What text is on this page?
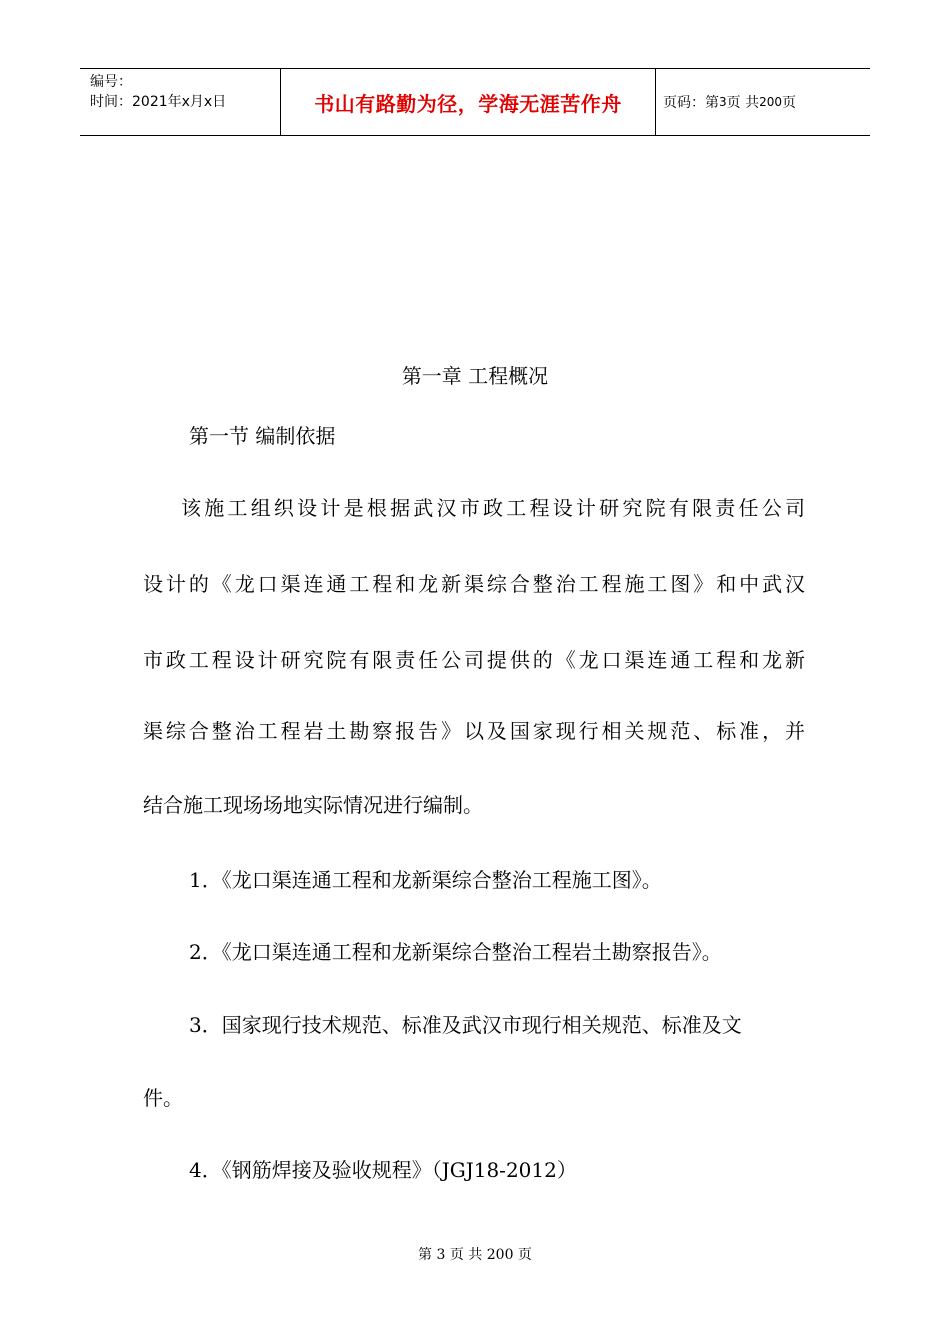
编号：
时间：2021年x月x日	书山有路勤为径，学海无涯苦作舟	页码：第 3 页 共 200 页
第一章 工程概况
第一节 编制依据
该施工组织设计是根据武汉市政工程设计研究院有限责任公司
设计的《龙口渠连通工程和龙新渠综合整治工程施工图》和中武汉
市政工程设计研究院有限责任公司提供的《龙口渠连通工程和龙新
渠综合整治工程岩土勘察报告》以及国家现行相关规范、标准，并
结合施工现场场地实际情况进行编制。
1．《龙口渠连通工程和龙新渠综合整治工程施工图》。
2．《龙口渠连通工程和龙新渠综合整治工程岩土勘察报告》。
3．国家现行技术规范、标准及武汉市现行相关规范、标准及文
件。
4．《钢筋焊接及验收规程》（JGJ18-2012）
第 3 页 共 200 页
